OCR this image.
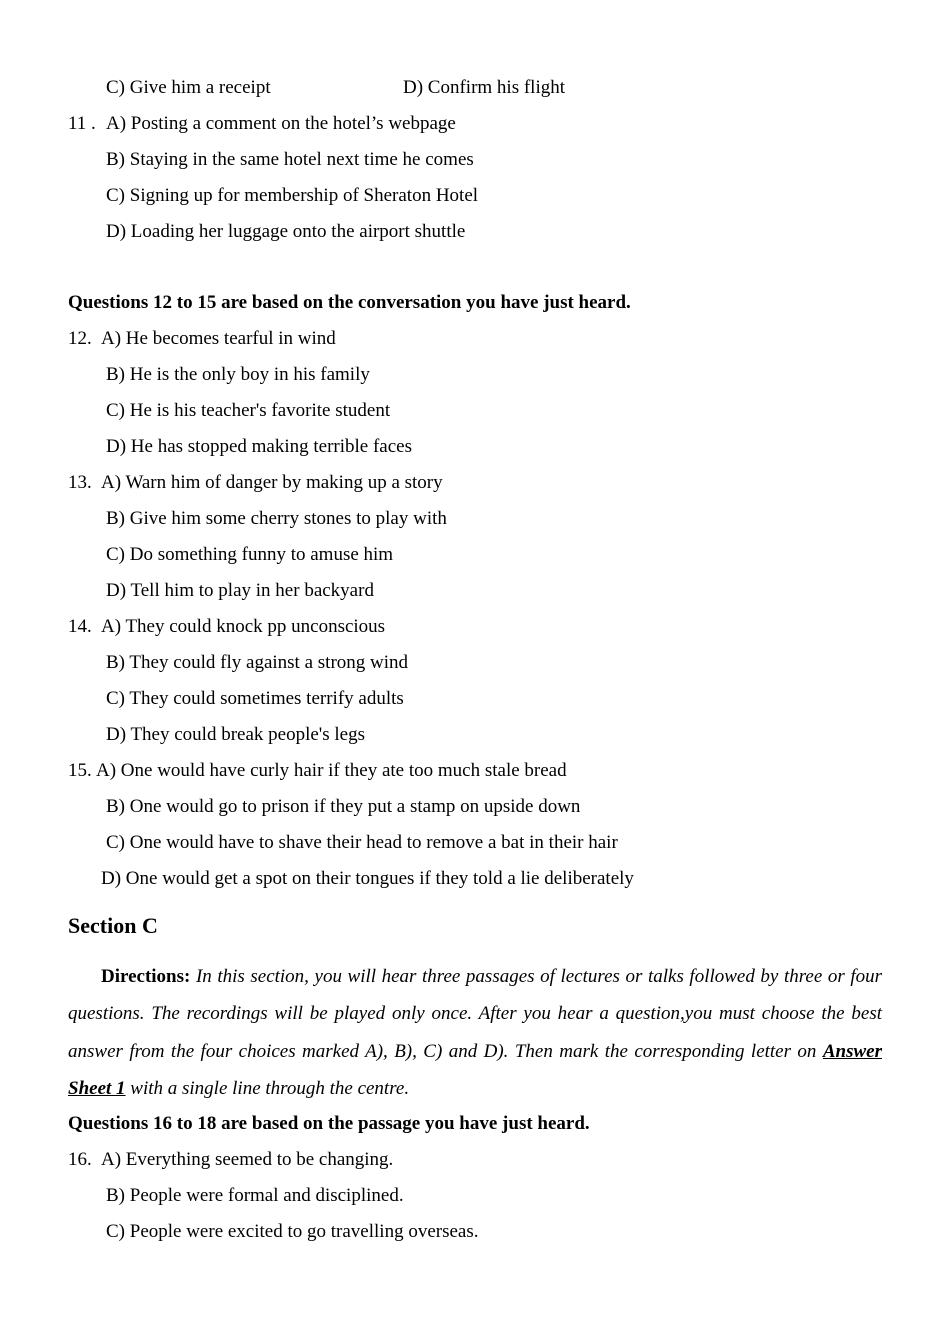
C) Give him a receipt	D) Confirm his flight
11 . A) Posting a comment on the hotel’s webpage
B) Staying in the same hotel next time he comes
C) Signing up for membership of Sheraton Hotel
D) Loading her luggage onto the airport shuttle
Questions 12 to 15 are based on the conversation you have just heard.
12. A) He becomes tearful in wind
B) He is the only boy in his family
C) He is his teacher's favorite student
D) He has stopped making terrible faces
13. A) Warn him of danger by making up a story
B) Give him some cherry stones to play with
C) Do something funny to amuse him
D) Tell him to play in her backyard
14. A) They could knock pp unconscious
B) They could fly against a strong wind
C) They could sometimes terrify adults
D) They could break people's legs
15. A) One would have curly hair if they ate too much stale bread
B) One would go to prison if they put a stamp on upside down
C) One would have to shave their head to remove a bat in their hair
D) One would get a spot on their tongues if they told a lie deliberately
Section C
Directions: In this section, you will hear three passages of lectures or talks followed by three or four questions. The recordings will be played only once. After you hear a question,you must choose the best answer from the four choices marked A), B), C) and D). Then mark the corresponding letter on Answer Sheet 1 with a single line through the centre.
Questions 16 to 18 are based on the passage you have just heard.
16. A) Everything seemed to be changing.
B) People were formal and disciplined.
C) People were excited to go travelling overseas.
